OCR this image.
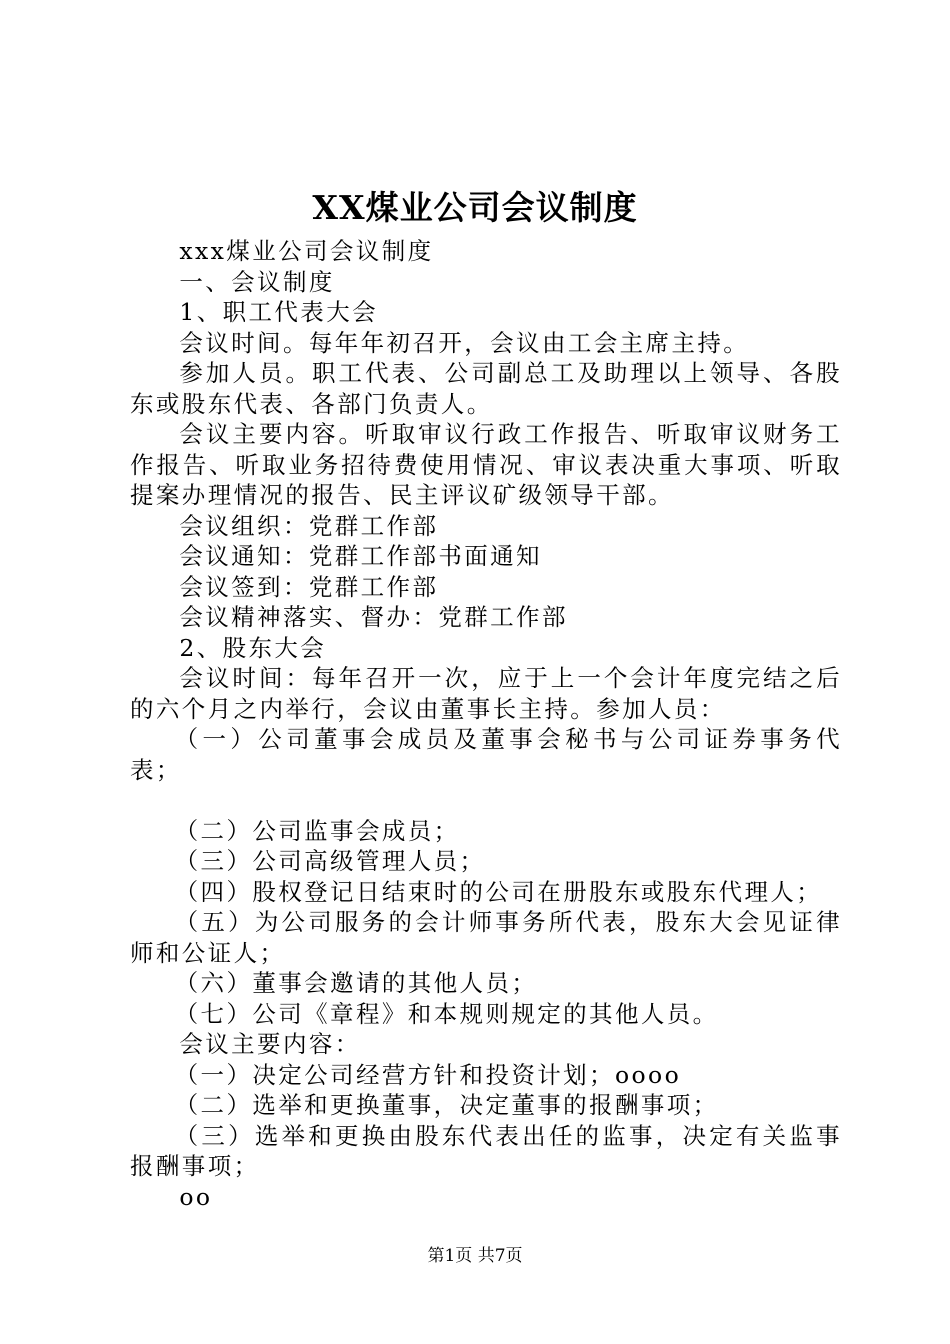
XX煤业公司会议制度

xxx煤业公司会议制度

一、会议制度

1、职工代表大会

会议时间。每年年初召开，会议由工会主席主持。

参加人员。职工代表、公司副总工及助理以上领导、各股东或股东代表、各部门负责人。

会议主要内容。听取审议行政工作报告、听取审议财务工作报告、听取业务招待费使用情况、审议表决重大事项、听取提案办理情况的报告、民主评议矿级领导干部。

会议组织：党群工作部

会议通知：党群工作部书面通知

会议签到：党群工作部

会议精神落实、督办：党群工作部

2、股东大会

会议时间：每年召开一次，应于上一个会计年度完结之后的六个月之内举行，会议由董事长主持。参加人员：

（一）公司董事会成员及董事会秘书与公司证券事务代表；

（二）公司监事会成员；

（三）公司高级管理人员；

（四）股权登记日结束时的公司在册股东或股东代理人；

（五）为公司服务的会计师事务所代表，股东大会见证律师和公证人；

（六）董事会邀请的其他人员；

（七）公司《章程》和本规则规定的其他人员。

会议主要内容：

（一）决定公司经营方针和投资计划；oooo

（二）选举和更换董事，决定董事的报酬事项；

（三）选举和更换由股东代表出任的监事，决定有关监事报酬事项；

oo

第1页 共7页
